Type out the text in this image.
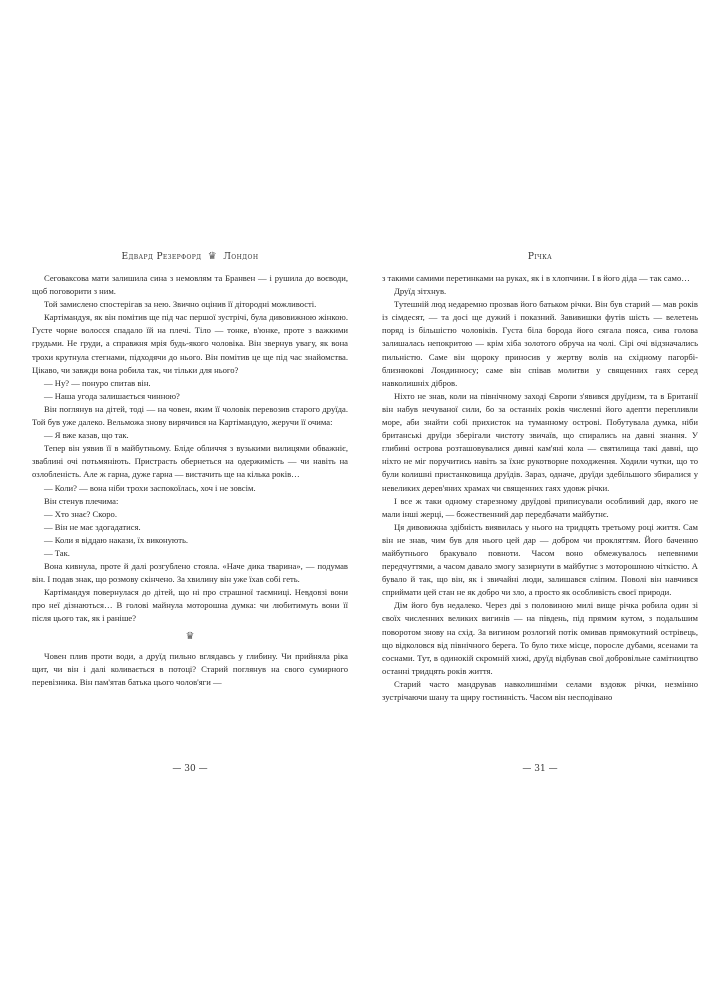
Едвард Резерфорд ♛ Лондон

Сеговаксова мати залишила сина з немовлям та Бранвен — і рушила до воєводи, щоб поговорити з ним.

Той замислено спостерігав за нею. Звично оцінив її дітородні можливості.

Картімандуя, як він помітив ще під час першої зустрічі, була дивовижною жінкою. Густе чорне волосся спадало їй на плечі. Тіло — тонке, в'юнке, проте з важкими грудьми. Не груди, а справжня мрія будь-якого чоловіка. Він звернув увагу, як вона трохи крутнула стегнами, підходячи до нього. Він помітив це ще під час знайомства. Цікаво, чи завжди вона робила так, чи тільки для нього?

— Ну? — понуро спитав він.

— Наша угода залишається чинною?

Він поглянув на дітей, тоді — на човен, яким її чоловік перевозив старого друїда. Той був уже далеко. Вельможа знову вирячився на Картімандую, жеручи її очима:

— Я вже казав, що так.

Тепер він уявив її в майбутньому. Бліде обличчя з вузькими вилицями обважніє, зваблині очі потьмяніють. Пристрасть обернеться на одержимість — чи навіть на озлобленість. Але ж гарна, дуже гарна — вистачить ще на кілька років…

— Коли? — вона ніби трохи заспокоїлась, хоч і не зовсім.

Він стенув плечима:

— Хто знає? Скоро.

— Він не має здогадатися.

— Коли я віддаю накази, їх виконують.

— Так.

Вона кивнула, проте й далі розгублено стояла. «Наче дика тварина», — подумав він. І подав знак, що розмову скінчено. За хвилину він уже їхав собі геть.

Картімандуя повернулася до дітей, що ні про страшної таємниці. Невдовзі вони про неї дізнаються… В голові майнула моторошна думка: чи любитимуть вони її після цього так, як і раніше?

♛

Човен плив проти води, а друїд пильно вглядавсь у глибину. Чи прийняла ріка щит, чи він і далі коливається в потоці? Старий поглянув на свого сумирного перевізника. Він пам'ятав батька цього чолов'яги —

— 30 —
Річка

з такими самими перетинками на руках, як і в хлопчини. І в його діда — так само…

Друїд зітхнув.

Тутешній люд недаремно прозвав його батьком річки. Він був старий — мав років із сімдесят, — та досі ще дужий і показний. Завивишки футів шість — велетень поряд із більшістю чоловіків. Густа біла борода його сягала пояса, сива голова залишалась непокритою — крім хіба золотого обруча на чолі. Сірі очі відзначались пильністю. Саме він щороку приносив у жертву волів на східному пагорбі-близнюкові Лондинносу; саме він співав молитви у священних гаях серед навколишніх дібров.

Ніхто не знав, коли на північному заході Європи з'явився друїдизм, та в Британії він набув нечуваної сили, бо за останніх років численні його адепти перепливли море, аби знайти собі прихисток на туманному острові. Побутувала думка, ніби британські друїди зберігали чистоту звичаїв, що спирались на давні знання. У глибині острова розташовувалися дивні кам'яні кола — святилища такі давні, що ніхто не міг поручитись навіть за їхнє рукотворне походження. Ходили чутки, що то були колишні пристанковища друїдів. Зараз, одначе, друїди здебільшого збиралися у невеликих дерев'яних храмах чи священних гаях удовж річки.

І все ж таки одному старезному друїдові приписували особливий дар, якого не мали інші жерці, — божественний дар передбачати майбутнє.

Ця дивовижна здібність виявилась у нього на тридцять третьому році життя. Сам він не знав, чим був для нього цей дар — добром чи прокляттям. Його баченню майбутнього бракувало повноти. Часом воно обмежувалось непевними передчуттями, а часом давало змогу зазирнути в майбутнє з моторошною чіткістю. А бувало й так, що він, як і звичайні люди, залишався сліпим. Поволі він навчився сприймати цей стан не як добро чи зло, а просто як особливість своєї природи.

Дім його був недалеко. Через дві з половиною милі вище річка робила один зі своїх численних великих вигинів — на південь, під прямим кутом, з подальшим поворотом знову на схід. За вигином розлогий потік омивав прямокутний острівець, що відколовся від північного берега. То було тихе місце, поросле дубами, ясенами та соснами. Тут, в одинокій скромній хижі, друїд відбував свої добровільне самітництво останні тридцять років життя.

Старий часто мандрував навколишніми селами вздовж річки, незмінно зустрічаючи шану та щиру гостинність. Часом він несподівано

— 31 —
